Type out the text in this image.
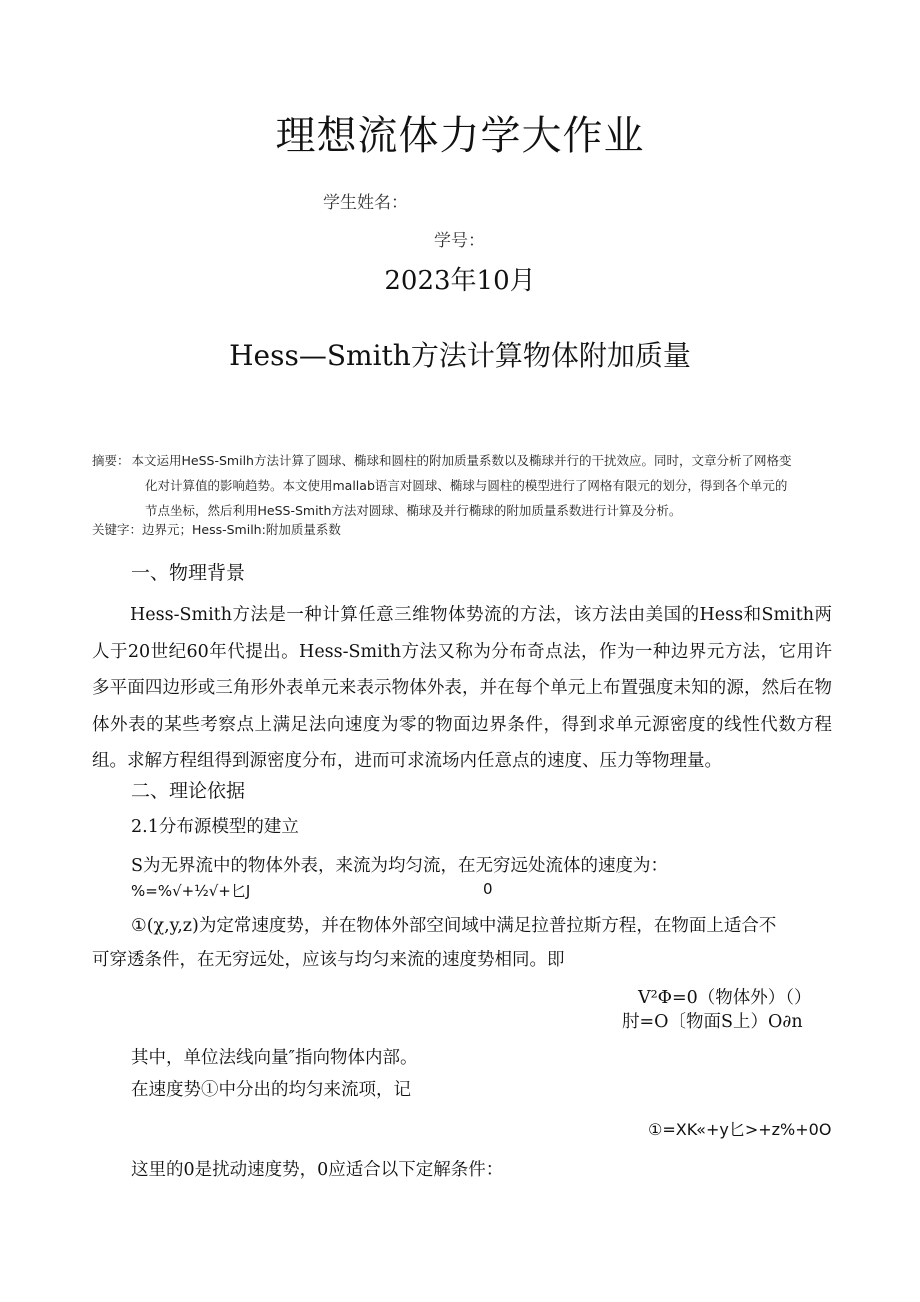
理想流体力学大作业
学生姓名：
学号：
2023年10月
Hess—Smith方法计算物体附加质量
摘要： 本文运用HeSS-Smilh方法计算了圆球、椭球和圆柱的附加质量系数以及椭球并行的干扰效应。同时，文章分析了网格变
化对计算值的影响趋势。本文使用mallab语言对圆球、椭球与圆柱的模型进行了网格有限元的划分，得到各个单元的
节点坐标，然后利用HeSS-Smith方法对圆球、椭球及并行椭球的附加质量系数进行计算及分析。
关键字：边界元；Hess-Smilh:附加质量系数
一、物理背景
Hess-Smith方法是一种计算任意三维物体势流的方法，该方法由美国的Hess和Smith两人于20世纪60年代提出。Hess-Smith方法又称为分布奇点法，作为一种边界元方法，它用许多平面四边形或三角形外表单元来表示物体外表，并在每个单元上布置强度未知的源，然后在物体外表的某些考察点上满足法向速度为零的物面边界条件，得到求单元源密度的线性代数方程组。求解方程组得到源密度分布，进而可求流场内任意点的速度、压力等物理量。
二、理论依据
2.1分布源模型的建立
S为无界流中的物体外表，来流为均匀流，在无穷远处流体的速度为：
%=%√+½√+匕J	0
①(χ,y,z)为定常速度势，并在物体外部空间域中满足拉普拉斯方程，在物面上适合不
可穿透条件，在无穷远处，应该与均匀来流的速度势相同。即
V²Φ=0（物体外）（）
肘=O〔物面S上）O∂n
其中，单位法线向量″指向物体内部。
在速度势①中分出的均匀来流项，记
①=XK«+y匕>+z%+0O
这里的0是扰动速度势，0应适合以下定解条件：
